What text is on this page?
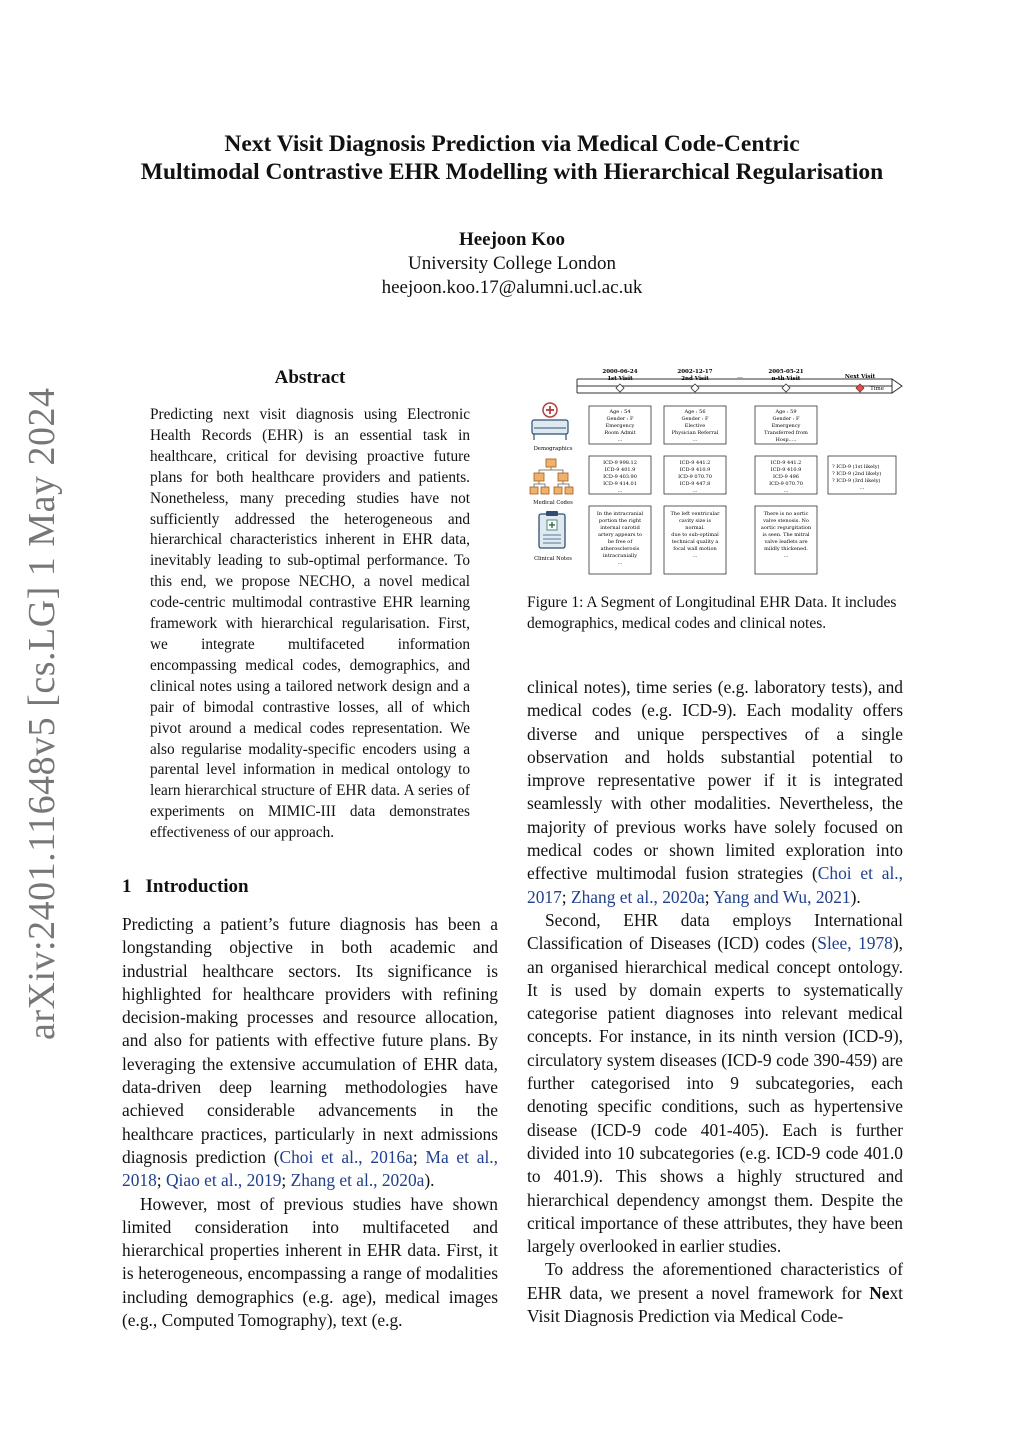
Next Visit Diagnosis Prediction via Medical Code-Centric
Multimodal Contrastive EHR Modelling with Hierarchical Regularisation
Heejoon Koo
University College London
heejoon.koo.17@alumni.ucl.ac.uk
arXiv:2401.11648v5 [cs.LG] 1 May 2024
Abstract

Predicting next visit diagnosis using Electronic Health Records (EHR) is an essential task in healthcare, critical for devising proactive future plans for both healthcare providers and patients. Nonetheless, many preceding studies have not sufficiently addressed the heterogeneous and hierarchical characteristics inherent in EHR data, inevitably leading to sub-optimal performance. To this end, we propose NECHO, a novel medical code-centric multimodal contrastive EHR learning framework with hierarchical regularisation. First, we integrate multifaceted information encompassing medical codes, demographics, and clinical notes using a tailored network design and a pair of bimodal contrastive losses, all of which pivot around a medical codes representation. We also regularise modality-specific encoders using a parental level information in medical ontology to learn hierarchical structure of EHR data. A series of experiments on MIMIC-III data demonstrates effectiveness of our approach.

1 Introduction

Predicting a patient’s future diagnosis has been a longstanding objective in both academic and industrial healthcare sectors. Its significance is highlighted for healthcare providers with refining decision-making processes and resource allocation, and also for patients with effective future plans. By leveraging the extensive accumulation of EHR data, data-driven deep learning methodologies have achieved considerable advancements in the healthcare practices, particularly in next admissions diagnosis prediction (Choi et al., 2016a; Ma et al., 2018; Qiao et al., 2019; Zhang et al., 2020a).

However, most of previous studies have shown limited consideration into multifaceted and hierarchical properties inherent in EHR data. First, it is heterogeneous, encompassing a range of modalities including demographics (e.g. age), medical images (e.g., Computed Tomography), text (e.g.

clinical notes), time series (e.g. laboratory tests), and medical codes (e.g. ICD-9). Each modality offers diverse and unique perspectives of a single observation and holds substantial potential to improve representative power if it is integrated seamlessly with other modalities. Nevertheless, the majority of previous works have solely focused on medical codes or shown limited exploration into effective multimodal fusion strategies (Choi et al., 2017; Zhang et al., 2020a; Yang and Wu, 2021).

Second, EHR data employs International Classification of Diseases (ICD) codes (Slee, 1978), an organised hierarchical medical concept ontology. It is used by domain experts to systematically categorise patient diagnoses into relevant medical concepts. For instance, in its ninth version (ICD-9), circulatory system diseases (ICD-9 code 390-459) are further categorised into 9 subcategories, each denoting specific conditions, such as hypertensive disease (ICD-9 code 401-405). Each is further divided into 10 subcategories (e.g. ICD-9 code 401.0 to 401.9). This shows a highly structured and hierarchical dependency amongst them. Despite the critical importance of these attributes, they have been largely overlooked in earlier studies.

To address the aforementioned characteristics of EHR data, we present a novel framework for Next Visit Diagnosis Prediction via Medical Code-

Time
...
2000-06-24
1st Visit
2002-12-17
2nd Visit
2005-05-21
n-th Visit	Next Visit
Demographics
Medical Codes
Clinical Notes
Age : 54
Gender : F
Emergency
Room Admit
...
ICD-9 998.12
ICD-9 401.9
ICD-9 403.90
ICD-9 414.01
...
In the intracranial
portion the right
internal carotid
artery appears to
be free of
atherosclerosis
intracranially
...
Age : 56
Gender : F
Elective
Physician Referral
...
ICD-9 441.2
ICD-9 410.9
ICD-9 070.70
ICD-9 447.8
...
The left ventricular
cavity size is
normal.
due to sub-optimal
technical quality a
focal wall motion
...
Age : 59
Gender : F
Emergency
Transferred from
Hosp.....
ICD-9 441.2
ICD-9 410.9
ICD-9 496
ICD-9 070.70
...
There is no aortic
valve stenosis. No
aortic regurgitation
is seen. The mitral
valve leaflets are
mildly thickened.
...
? ICD-9 (1st likely)
? ICD-9 (2nd likely)
? ICD-9 (3rd likely)
...
Figure 1: A Segment of Longitudinal EHR Data. It includes demographics, medical codes and clinical notes.
